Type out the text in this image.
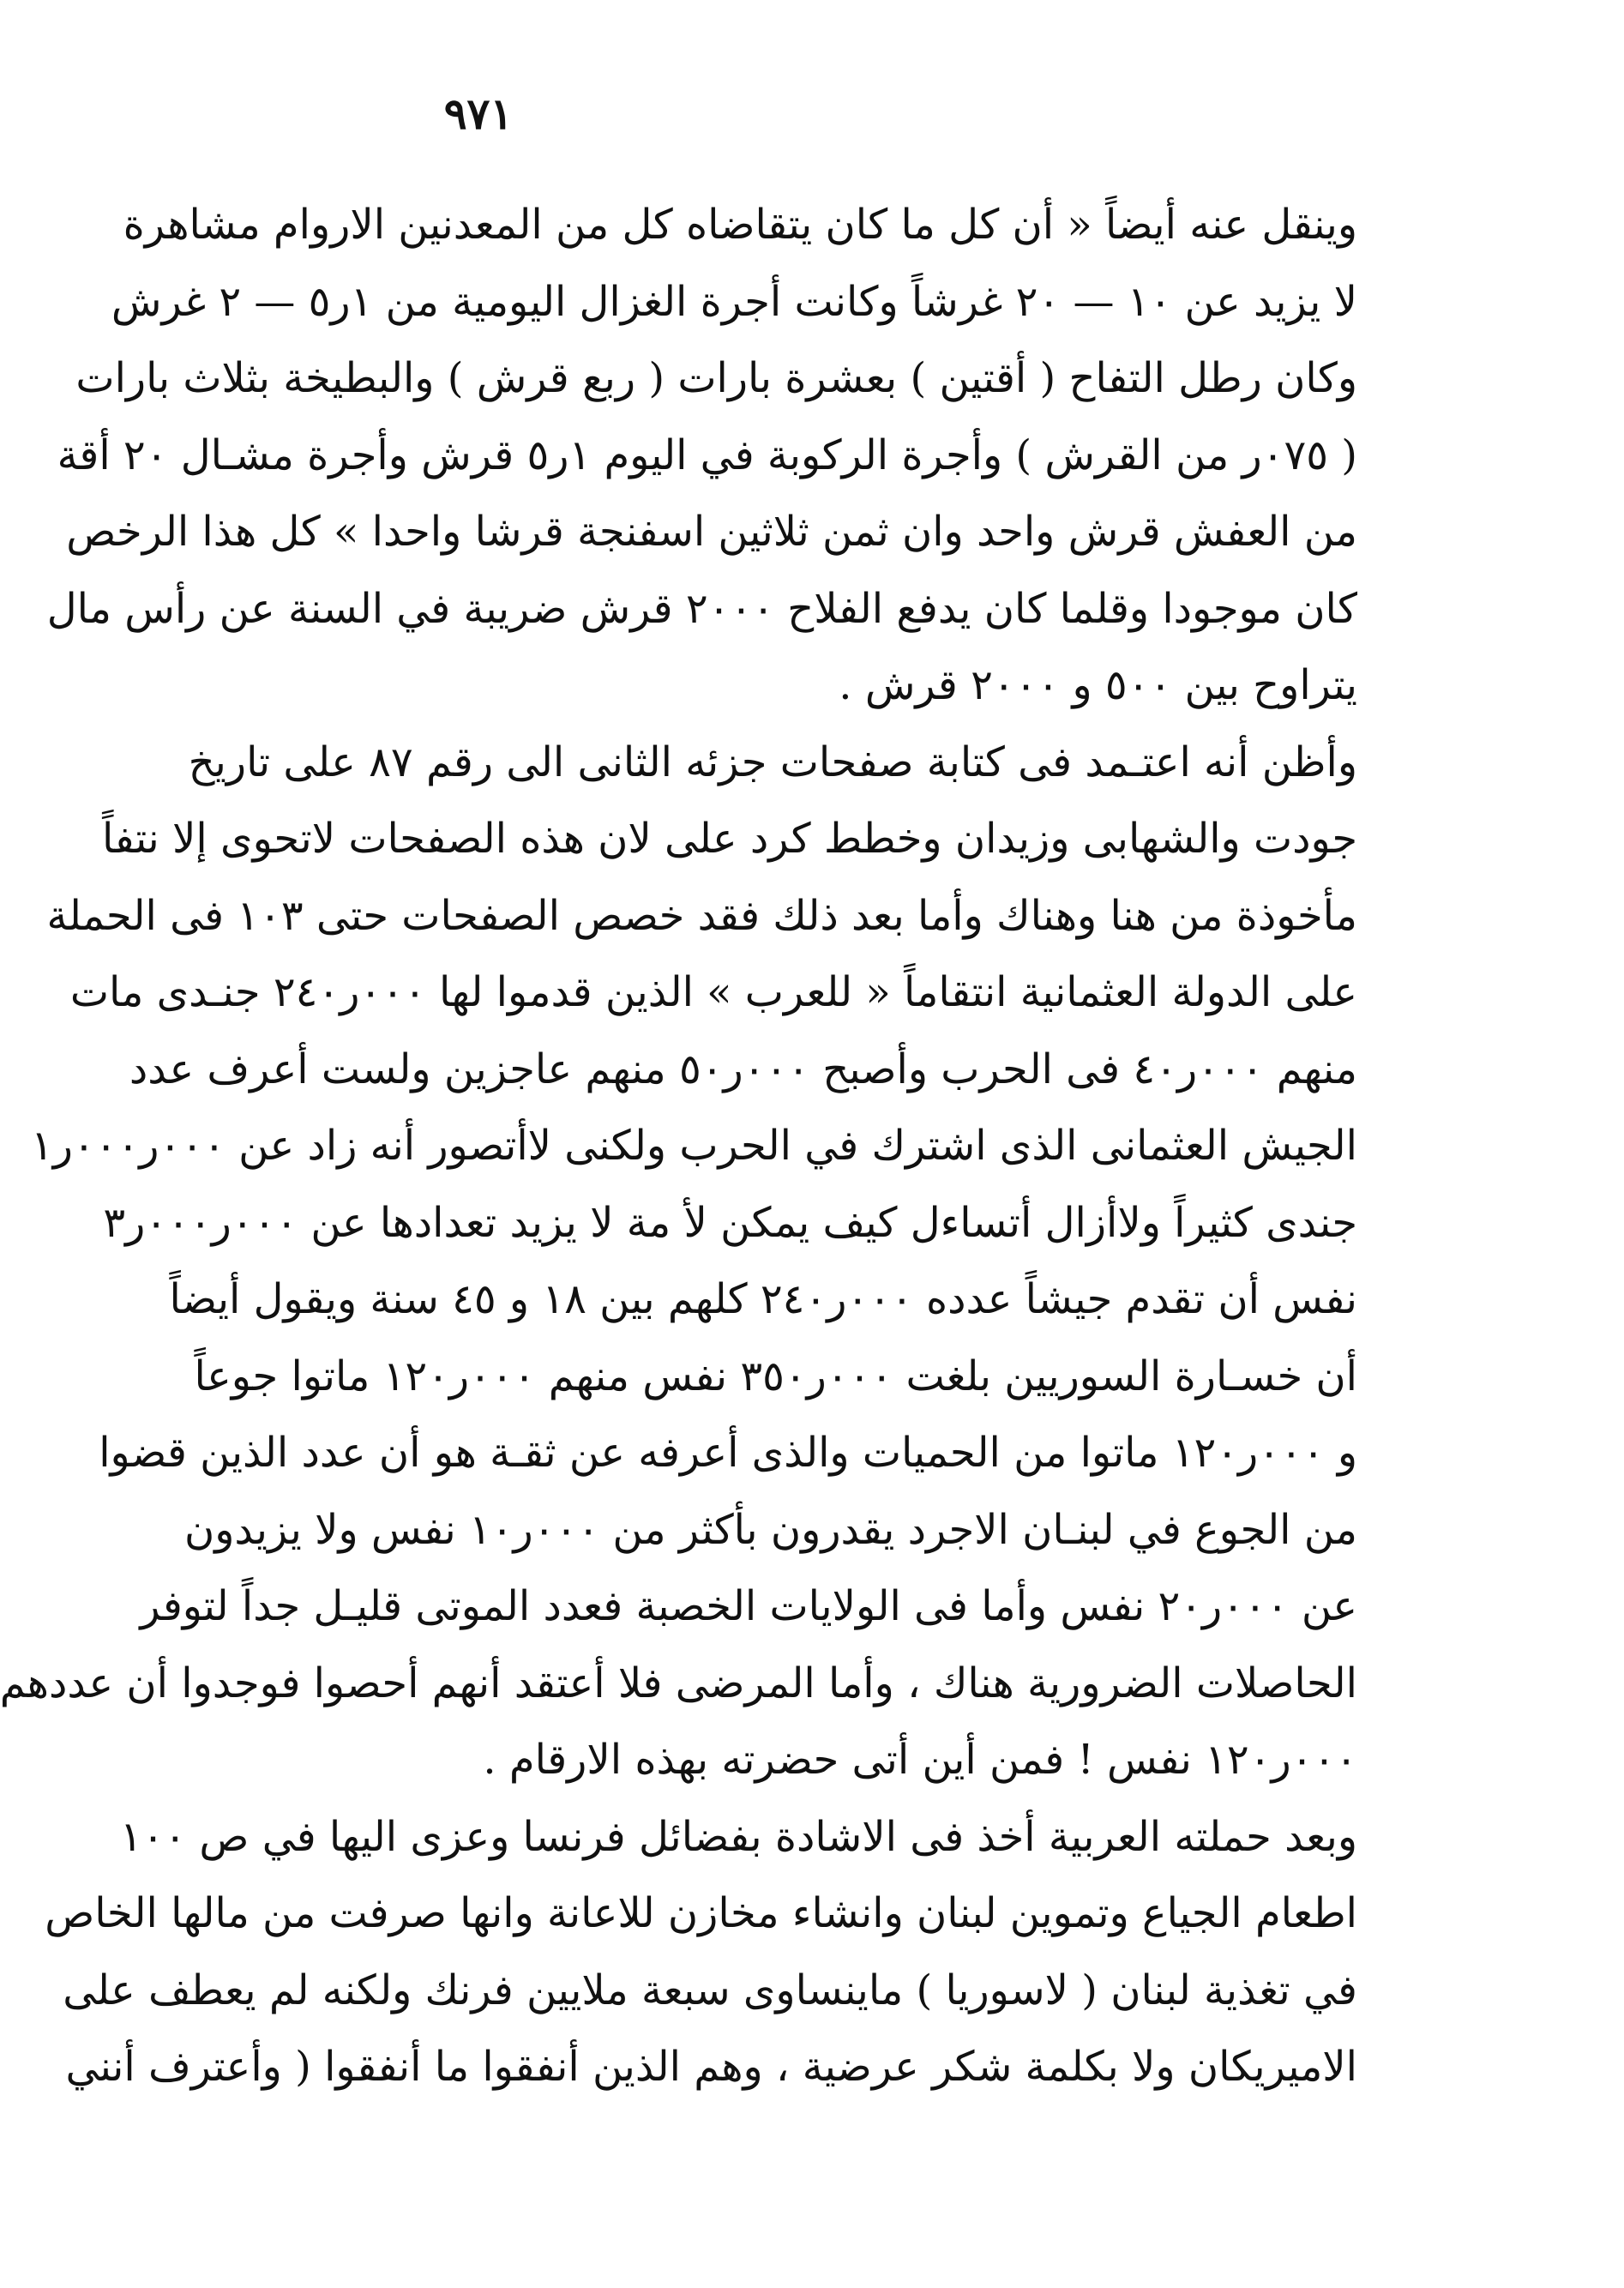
٩٧١
وينقل عنه أيضاً « أن كل ما كان يتقاضاه كل من المعدنين الاروام مشاهرة
لا يزيد عن ١٠ — ٢٠ غرشاً وكانت أجرة الغزال اليومية من ١ر٥ — ٢ غرش
وكان رطل التفاح ( أقتين ) بعشرة بارات ( ربع قرش ) والبطيخة بثلاث بارات
( ٠٧٥ر من القرش ) وأجرة الركوبة في اليوم ١ر٥ قرش وأجرة مشـال ٢٠ أقة
من العفش قرش واحد وان ثمن ثلاثين اسفنجة قرشا واحدا » كل هذا الرخص
كان موجودا وقلما كان يدفع الفلاح ٢٠٠٠ قرش ضريبة في السنة عن رأس مال
يتراوح بين ٥٠٠ و ٢٠٠٠ قرش .
وأظن أنه اعتـمد فى كتابة صفحات جزئه الثانى الى رقم ٨٧ على تاريخ
جودت والشهابى وزيدان وخطط كرد على لان هذه الصفحات لاتحوى إلا نتفاً
مأخوذة من هنا وهناك وأما بعد ذلك فقد خصص الصفحات حتى ١٠٣ فى الحملة
على الدولة العثمانية انتقاماً « للعرب » الذين قدموا لها ٠٠٠ر٢٤٠ جنـدى مات
منهم ٠٠٠ر٤٠ فى الحرب وأصبح ٠٠٠ر٥٠ منهم عاجزين ولست أعرف عدد
الجيش العثمانى الذى اشترك في الحرب ولكنى لاأتصور أنه زاد عن ٠٠٠ر٠٠٠ر١
جندى كثيراً ولاأزال أتساءل كيف يمكن لأ مة لا يزيد تعدادها عن ٠٠٠ر٠٠٠ر٣
نفس أن تقدم جيشاً عدده ٠٠٠ر٢٤٠ كلهم بين ١٨ و ٤٥ سنة ويقول أيضاً
أن خسـارة السوريين بلغت ٠٠٠ر٣٥٠ نفس منهم ٠٠٠ر١٢٠ ماتوا جوعاً
و ٠٠٠ر١٢٠ ماتوا من الحميات والذى أعرفه عن ثقـة هو أن عدد الذين قضوا
من الجوع في لبنـان الاجرد يقدرون بأكثر من ٠٠٠ر١٠ نفس ولا يزيدون
عن ٠٠٠ر٢٠ نفس وأما فى الولايات الخصبة فعدد الموتى قليـل جداً لتوفر
الحاصلات الضرورية هناك ، وأما المرضى فلا أعتقد أنهم أحصوا فوجدوا أن عددهم
٠٠٠ر١٢٠ نفس ! فمن أين أتى حضرته بهذه الارقام .
وبعد حملته العربية أخذ فى الاشادة بفضائل فرنسا وعزى اليها في ص ١٠٠
اطعام الجياع وتموين لبنان وانشاء مخازن للاعانة وانها صرفت من مالها الخاص
في تغذية لبنان ( لاسوريا ) ماينساوى سبعة ملايين فرنك ولكنه لم يعطف على
الاميريكان ولا بكلمة شكر عرضية ، وهم الذين أنفقوا ما أنفقوا ( وأعترف أنني
